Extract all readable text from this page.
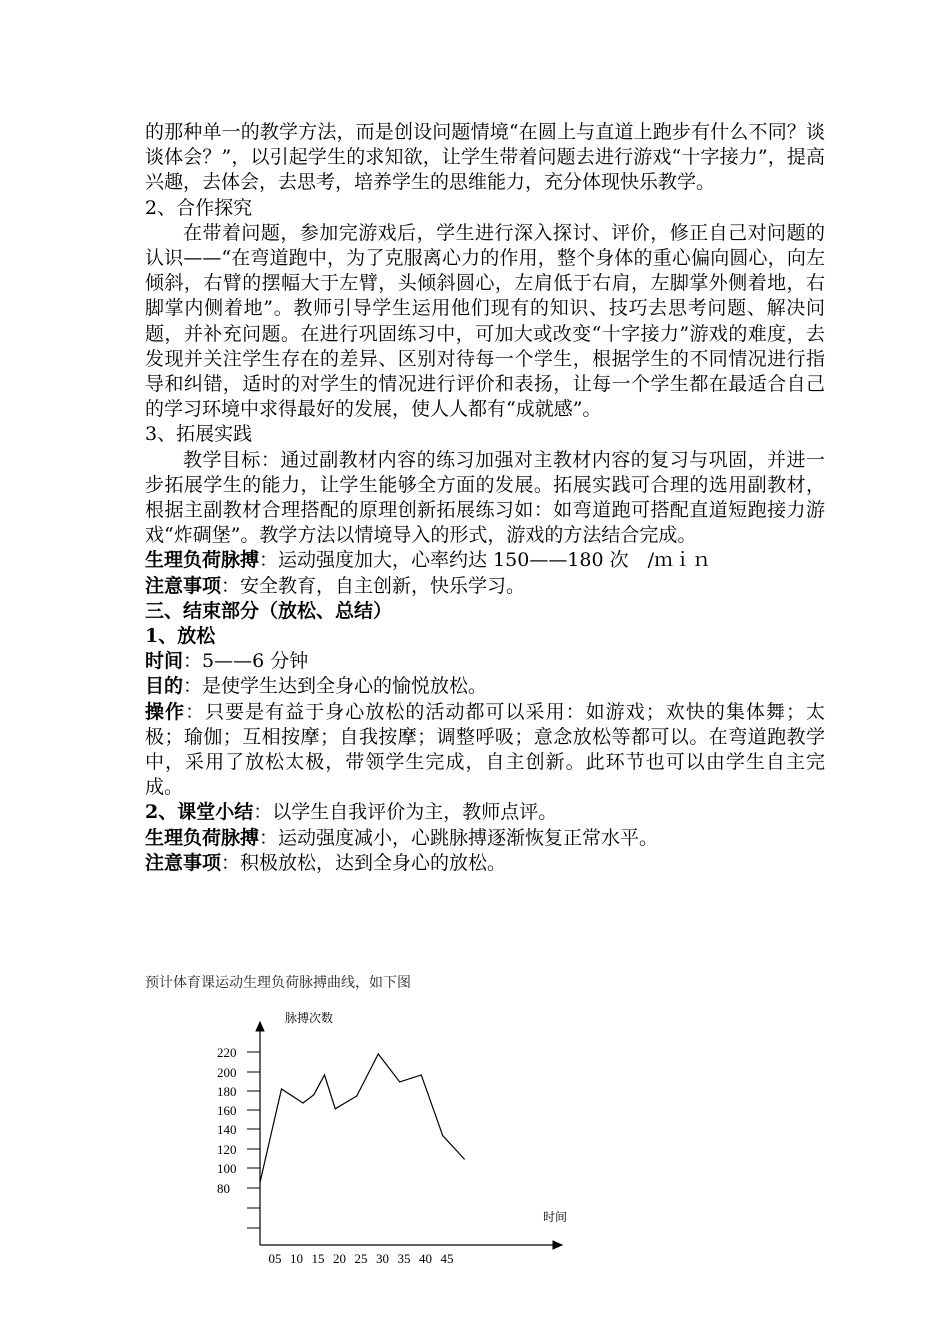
的那种单一的教学方法，而是创设问题情境“在圆上与直道上跑步有什么不同？谈谈体会？”，以引起学生的求知欲，让学生带着问题去进行游戏“十字接力”，提高兴趣，去体会，去思考，培养学生的思维能力，充分体现快乐教学。

2、合作探究

在带着问题，参加完游戏后，学生进行深入探讨、评价，修正自己对问题的认识——“在弯道跑中，为了克服离心力的作用，整个身体的重心偏向圆心，向左倾斜，右臂的摆幅大于左臂，头倾斜圆心，左肩低于右肩，左脚掌外侧着地，右脚掌内侧着地”。教师引导学生运用他们现有的知识、技巧去思考问题、解决问题，并补充问题。在进行巩固练习中，可加大或改变“十字接力”游戏的难度，去发现并关注学生存在的差异、区别对待每一个学生，根据学生的不同情况进行指导和纠错，适时的对学生的情况进行评价和表扬，让每一个学生都在最适合自己的学习环境中求得最好的发展，使人人都有“成就感”。

3、拓展实践

教学目标：通过副教材内容的练习加强对主教材内容的复习与巩固，并进一步拓展学生的能力，让学生能够全方面的发展。拓展实践可合理的选用副教材，根据主副教材合理搭配的原理创新拓展练习如：如弯道跑可搭配直道短跑接力游戏“炸碉堡”。教学方法以情境导入的形式，游戏的方法结合完成。

生理负荷脉搏：运动强度加大，心率约达 150——180 次　/ｍｉｎ

注意事项：安全教育，自主创新，快乐学习。

三、结束部分（放松、总结）

1、放松

时间：5——6 分钟

目的：是使学生达到全身心的愉悦放松。

操作：只要是有益于身心放松的活动都可以采用：如游戏；欢快的集体舞；太极；瑜伽；互相按摩；自我按摩；调整呼吸；意念放松等都可以。在弯道跑教学中，采用了放松太极，带领学生完成，自主创新。此环节也可以由学生自主完成。

2、课堂小结：以学生自我评价为主，教师点评。

生理负荷脉搏：运动强度减小，心跳脉搏逐渐恢复正常水平。

注意事项：积极放松，达到全身心的放松。

预计体育课运动生理负荷脉搏曲线，如下图
脉搏次数
时间
220
200
180
160
140
120
100
80
05 10 15 20 25 30 35 40 45
